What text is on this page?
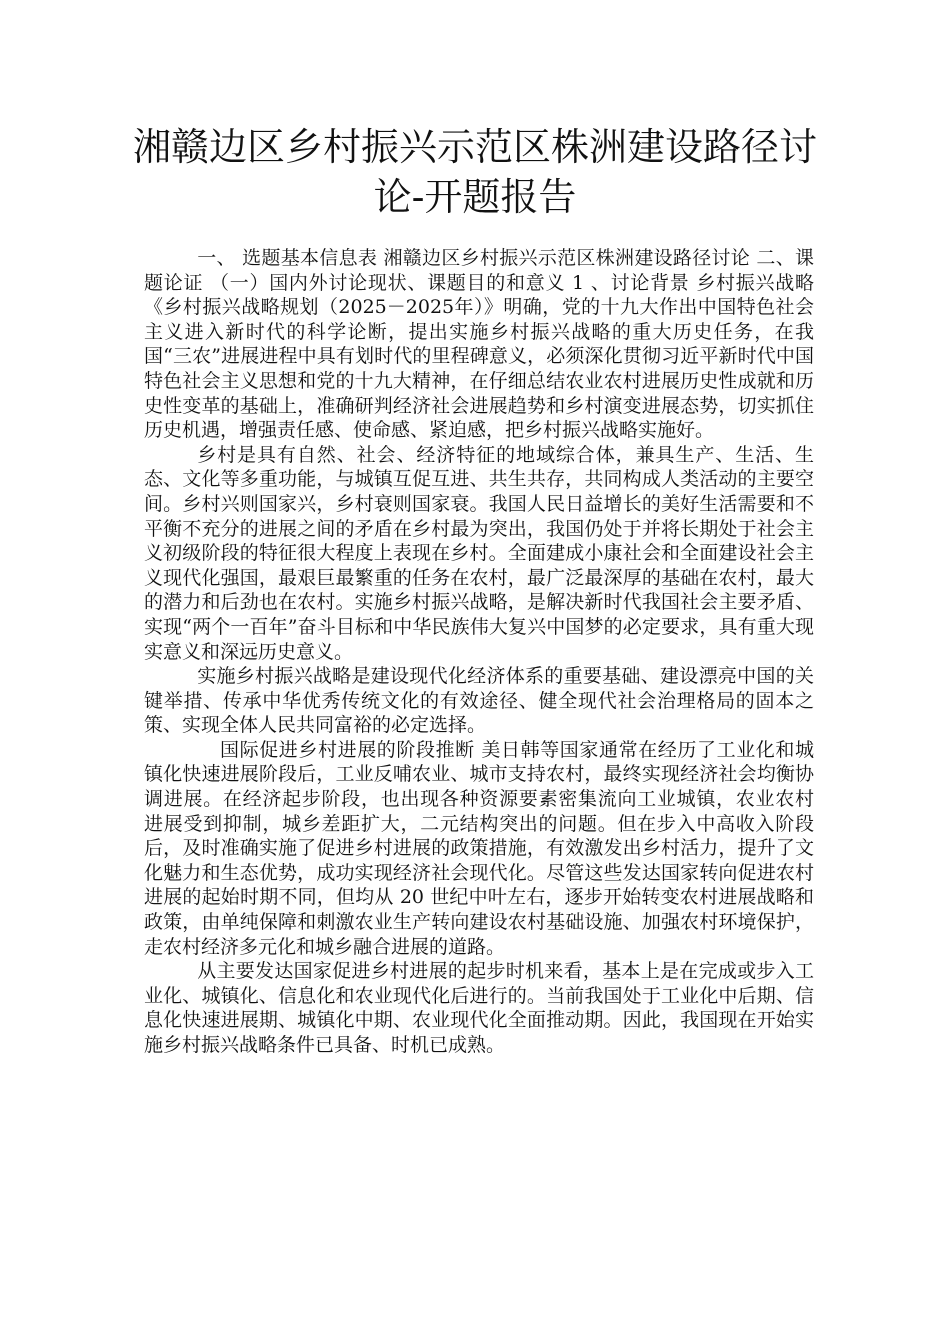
湘赣边区乡村振兴示范区株洲建设路径讨
论-开题报告

一、 选题基本信息表 湘赣边区乡村振兴示范区株洲建设路径讨论 二、课题论证 （一）国内外讨论现状、课题目的和意义 1 、讨论背景 乡村振兴战略 《乡村振兴战略规划（2025－2025年）》明确，党的十九大作出中国特色社会主义进入新时代的科学论断，提出实施乡村振兴战略的重大历史任务，在我国“三农”进展进程中具有划时代的里程碑意义，必须深化贯彻习近平新时代中国特色社会主义思想和党的十九大精神，在仔细总结农业农村进展历史性成就和历史性变革的基础上，准确研判经济社会进展趋势和乡村演变进展态势，切实抓住历史机遇，增强责任感、使命感、紧迫感，把乡村振兴战略实施好。

乡村是具有自然、社会、经济特征的地域综合体，兼具生产、生活、生态、文化等多重功能，与城镇互促互进、共生共存，共同构成人类活动的主要空间。乡村兴则国家兴，乡村衰则国家衰。我国人民日益增长的美好生活需要和不平衡不充分的进展之间的矛盾在乡村最为突出，我国仍处于并将长期处于社会主义初级阶段的特征很大程度上表现在乡村。全面建成小康社会和全面建设社会主义现代化强国，最艰巨最繁重的任务在农村，最广泛最深厚的基础在农村，最大的潜力和后劲也在农村。实施乡村振兴战略，是解决新时代我国社会主要矛盾、实现“两个一百年”奋斗目标和中华民族伟大复兴中国梦的必定要求，具有重大现实意义和深远历史意义。

实施乡村振兴战略是建设现代化经济体系的重要基础、建设漂亮中国的关键举措、传承中华优秀传统文化的有效途径、健全现代社会治理格局的固本之策、实现全体人民共同富裕的必定选择。

国际促进乡村进展的阶段推断 美日韩等国家通常在经历了工业化和城镇化快速进展阶段后，工业反哺农业、城市支持农村，最终实现经济社会均衡协调进展。在经济起步阶段，也出现各种资源要素密集流向工业城镇，农业农村 进展受到抑制，城乡差距扩大，二元结构突出的问题。但在步入中高收入阶段后，及时准确实施了促进乡村进展的政策措施，有效激发出乡村活力，提升了文化魅力和生态优势，成功实现经济社会现代化。尽管这些发达国家转向促进农村进展的起始时期不同，但均从 20 世纪中叶左右，逐步开始转变农村进展战略和政策，由单纯保障和刺激农业生产转向建设农村基础设施、加强农村环境保护，走农村经济多元化和城乡融合进展的道路。

从主要发达国家促进乡村进展的起步时机来看，基本上是在完成或步入工业化、城镇化、信息化和农业现代化后进行的。当前我国处于工业化中后期、信息化快速进展期、城镇化中期、农业现代化全面推动期。因此，我国现在开始实施乡村振兴战略条件已具备、时机已成熟。
